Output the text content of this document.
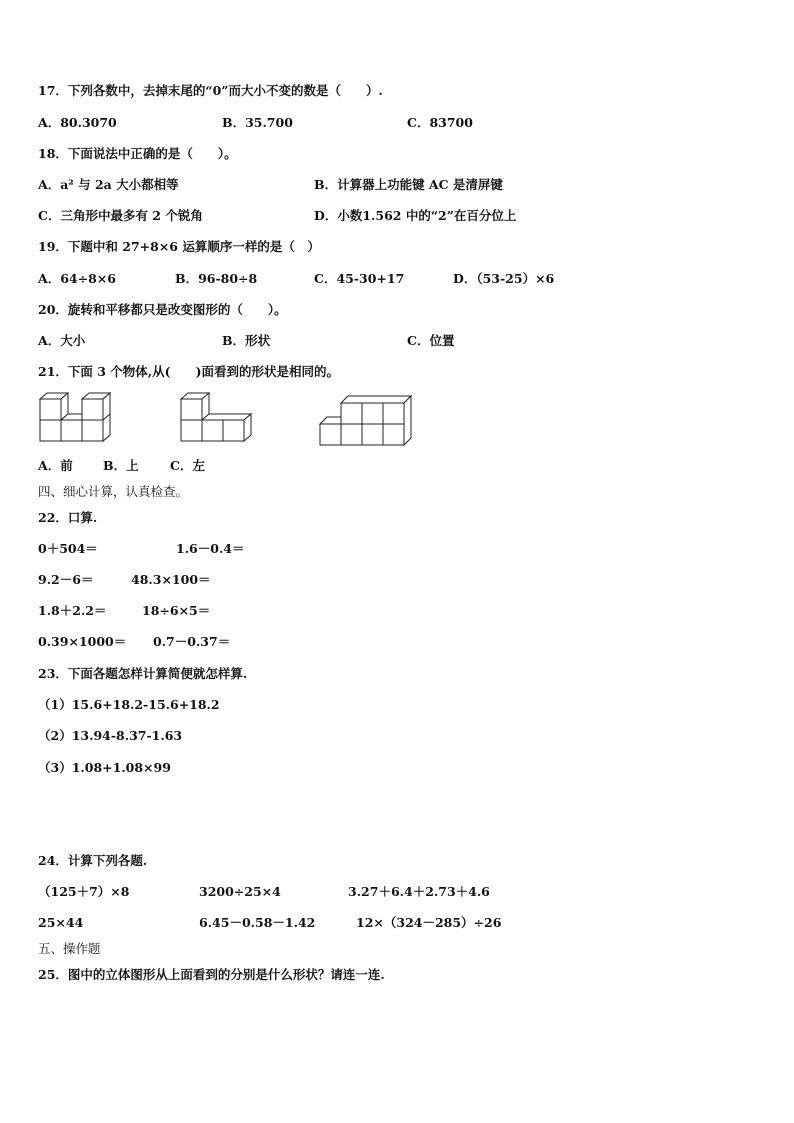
17．下列各数中，去掉末尾的“0”而大小不变的数是（　　）.
A．80.3070	B．35.700	C．83700
18．下面说法中正确的是（　　）。
A．a² 与 2a 大小都相等	B．计算器上功能键 AC 是清屏键
C．三角形中最多有 2 个锐角	D．小数1.562 中的“2”在百分位上
19．下题中和 27+8×6 运算顺序一样的是（　）
A．64÷8×6	B．96-80÷8	C．45-30+17	D．（53-25）×6
20．旋转和平移都只是改变图形的（　　）。
A．大小	B．形状	C．位置
21．下面 3 个物体,从(　　)面看到的形状是相同的。
A．前 B．上	C．左
四、细心计算，认真检查。
22．口算.
0＋504＝	1.6－0.4＝
9.2－6＝	48.3×100＝
1.8＋2.2＝	18÷6×5＝
0.39×1000＝ 0.7－0.37＝
23．下面各题怎样计算简便就怎样算.
（1）15.6+18.2-15.6+18.2
（2）13.94-8.37-1.63
（3）1.08+1.08×99
24．计算下列各题.
（125＋7）×8	3200÷25×4	3.27＋6.4＋2.73＋4.6
25×44	6.45－0.58－1.42	12×（324－285）÷26
五、操作题
25．图中的立体图形从上面看到的分别是什么形状？请连一连.
